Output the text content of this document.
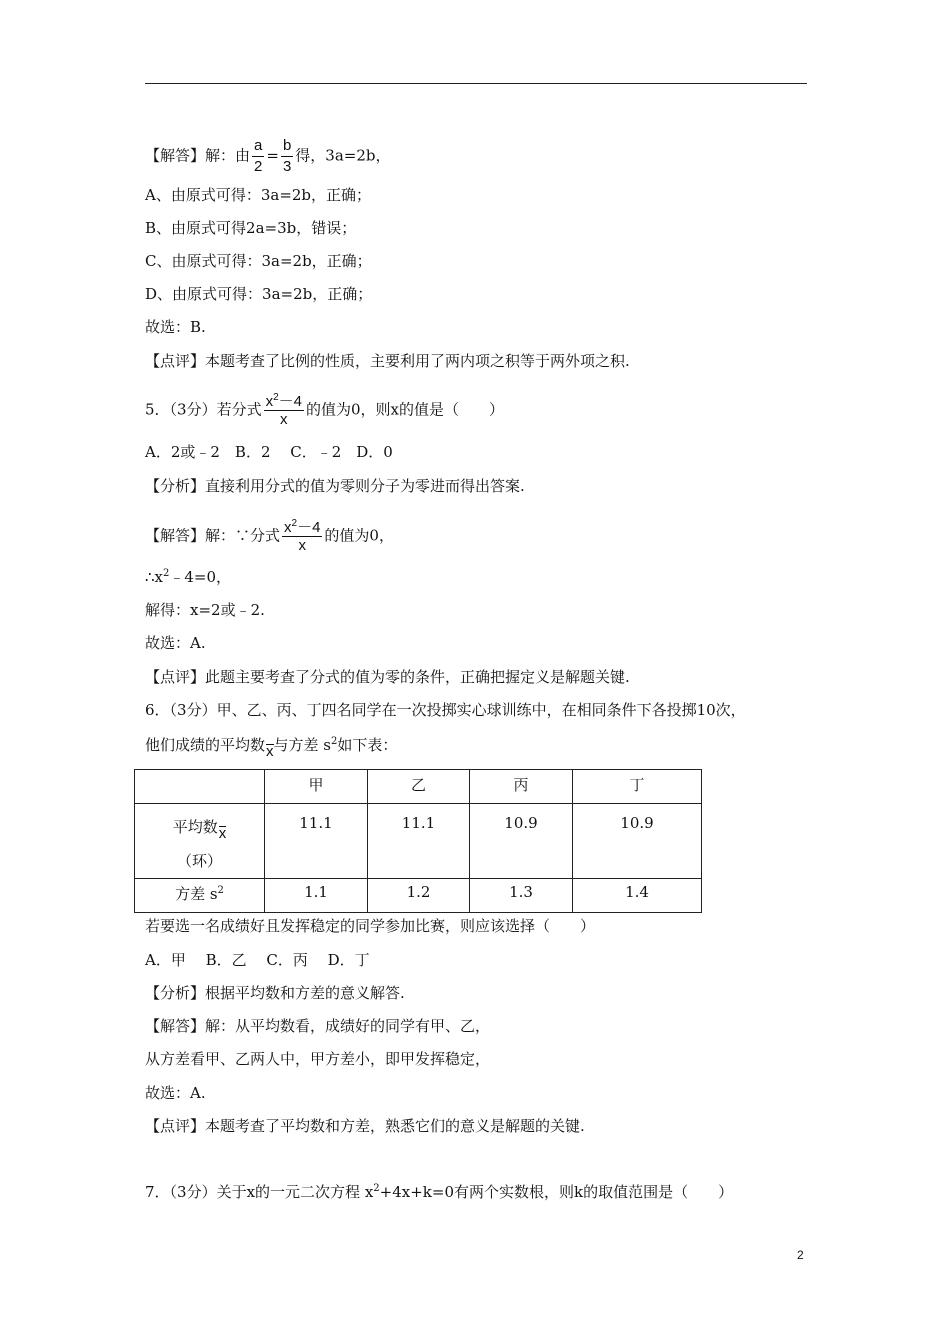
【解答】解：由 $\frac{a}{2} = \frac{b}{3}$ 得，3a=2b，
A、由原式可得：3a=2b，正确；
B、由原式可得2a=3b，错误；
C、由原式可得：3a=2b，正确；
D、由原式可得：3a=2b，正确；
故选：B.
【点评】本题考查了比例的性质，主要利用了两内项之积等于两外项之积.
5．（3分）若分式 $\frac{x^2-4}{x}$ 的值为0，则x的值是（　　）
A．2或﹣2　B．2　 C．﹣2　D．0
【分析】直接利用分式的值为零则分子为零进而得出答案.
【解答】解：∵分式 $\frac{x^2-4}{x}$ 的值为0，
$\therefore x^2﹣4=0$，
解得：x=2或﹣2.
故选：A.
【点评】此题主要考查了分式的值为零的条件，正确把握定义是解题关键.
6．（3分）甲、乙、丙、丁四名同学在一次投掷实心球训练中，在相同条件下各投掷10次，
他们成绩的平均数x与方差 $s^2$如下表：
	甲	乙	丙	丁
平均数x
（环）	11.1	11.1	10.9	10.9
方差 $s^2$	1.1	1.2	1.3	1.4
若要选一名成绩好且发挥稳定的同学参加比赛，则应该选择（　　）
A．甲　 B．乙　 C．丙　 D．丁
【分析】根据平均数和方差的意义解答.
【解答】解：从平均数看，成绩好的同学有甲、乙，
从方差看甲、乙两人中，甲方差小，即甲发挥稳定，
故选：A.
【点评】本题考查了平均数和方差，熟悉它们的意义是解题的关键.
7．（3分）关于x的一元二次方程 $x^2+4x+k=0$有两个实数根，则k的取值范围是（　　）
2
